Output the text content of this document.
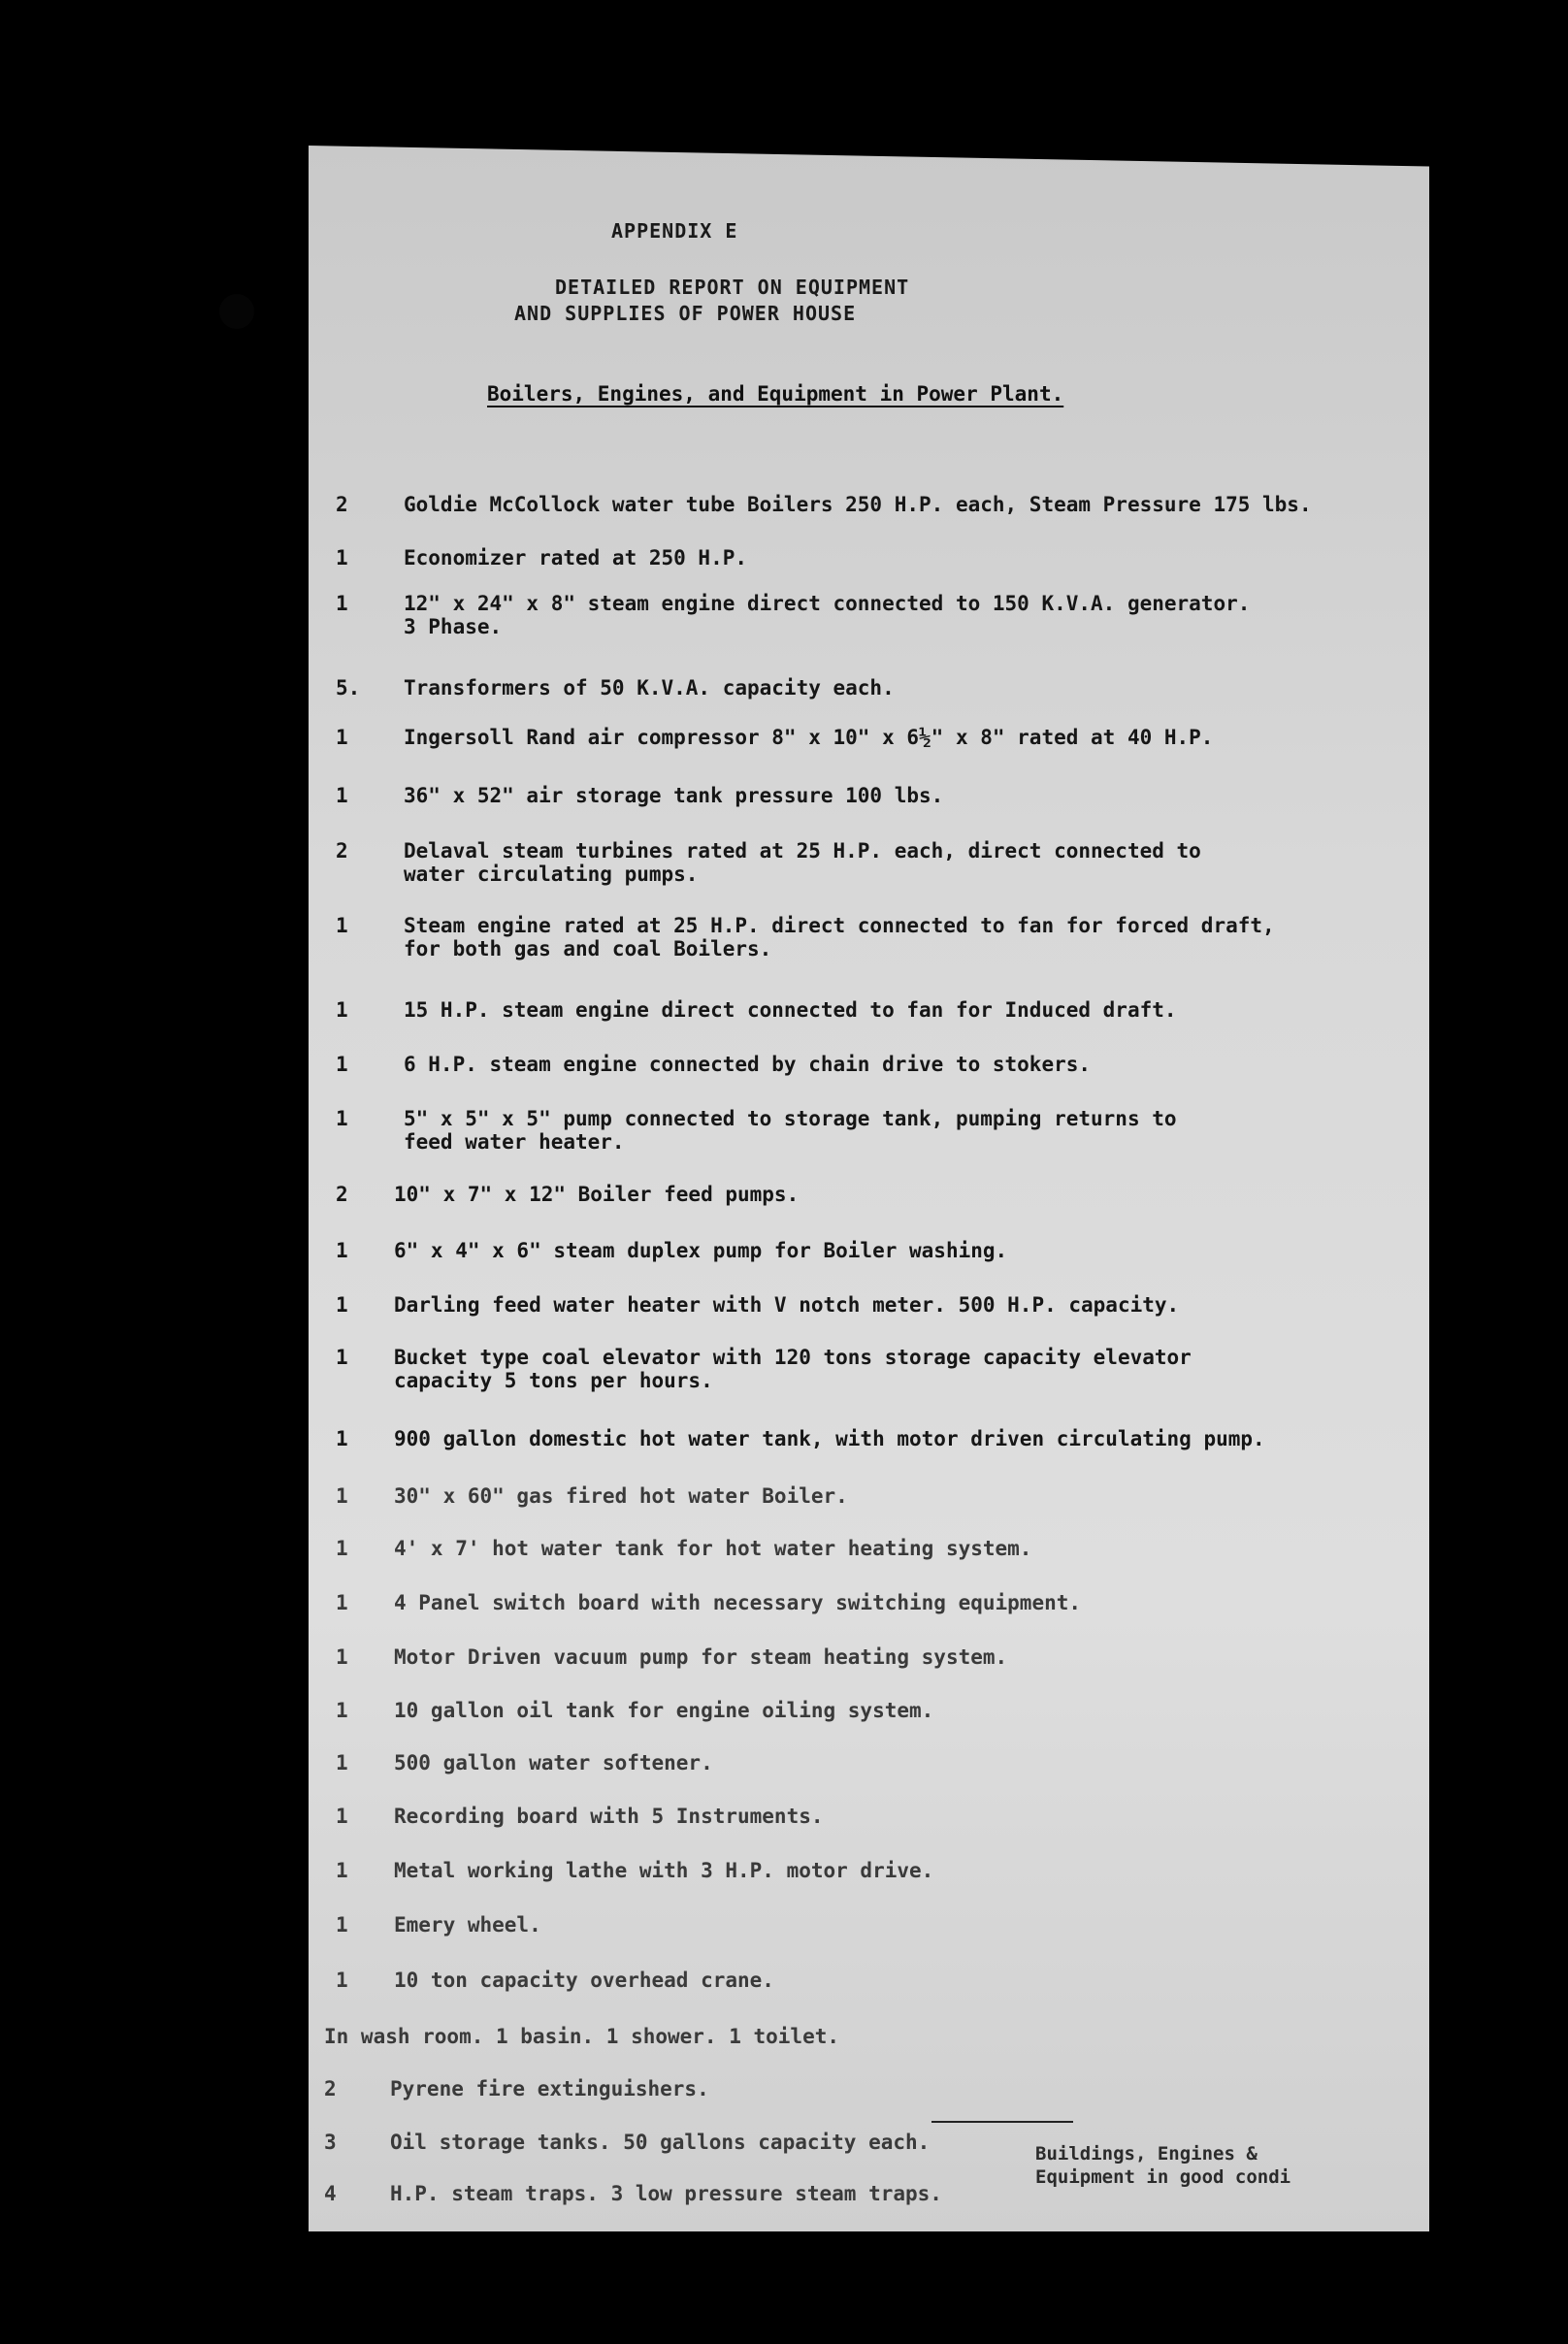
APPENDIX E
DETAILED REPORT ON EQUIPMENT
AND SUPPLIES OF POWER HOUSE
Boilers, Engines, and Equipment in Power Plant.
2	Goldie McCollock water tube Boilers 250 H.P. each, Steam Pressure 175 lbs.
1	Economizer rated at 250 H.P.
1	12" x 24" x 8" steam engine direct connected to 150 K.V.A. generator.
3 Phase.
5. Transformers of 50 K.V.A. capacity each.
1	Ingersoll Rand air compressor 8" x 10" x 6½" x 8" rated at 40 H.P.
1	36" x 52" air storage tank pressure 100 lbs.
2	Delaval steam turbines rated at 25 H.P. each, direct connected to
water circulating pumps.
1	Steam engine rated at 25 H.P. direct connected to fan for forced draft,
for both gas and coal Boilers.
1	15 H.P. steam engine direct connected to fan for Induced draft.
1	6 H.P. steam engine connected by chain drive to stokers.
1	5" x 5" x 5" pump connected to storage tank, pumping returns to
feed water heater.
2	10" x 7" x 12" Boiler feed pumps.
1	6" x 4" x 6" steam duplex pump for Boiler washing.
1	Darling feed water heater with V notch meter. 500 H.P. capacity.
1	Bucket type coal elevator with 120 tons storage capacity elevator
capacity 5 tons per hours.
1	900 gallon domestic hot water tank, with motor driven circulating pump.
1	30" x 60" gas fired hot water Boiler.
1	4' x 7' hot water tank for hot water heating system.
1	4 Panel switch board with necessary switching equipment.
1	Motor Driven vacuum pump for steam heating system.
1	10 gallon oil tank for engine oiling system.
1	500 gallon water softener.
1	Recording board with 5 Instruments.
1	Metal working lathe with 3 H.P. motor drive.
1	Emery wheel.
1	10 ton capacity overhead crane.
In wash room. 1 basin. 1 shower. 1 toilet.
2	Pyrene fire extinguishers.
3	Oil storage tanks. 50 gallons capacity each.
4	H.P. steam traps. 3 low pressure steam traps.
Buildings, Engines &
Equipment in good condi
